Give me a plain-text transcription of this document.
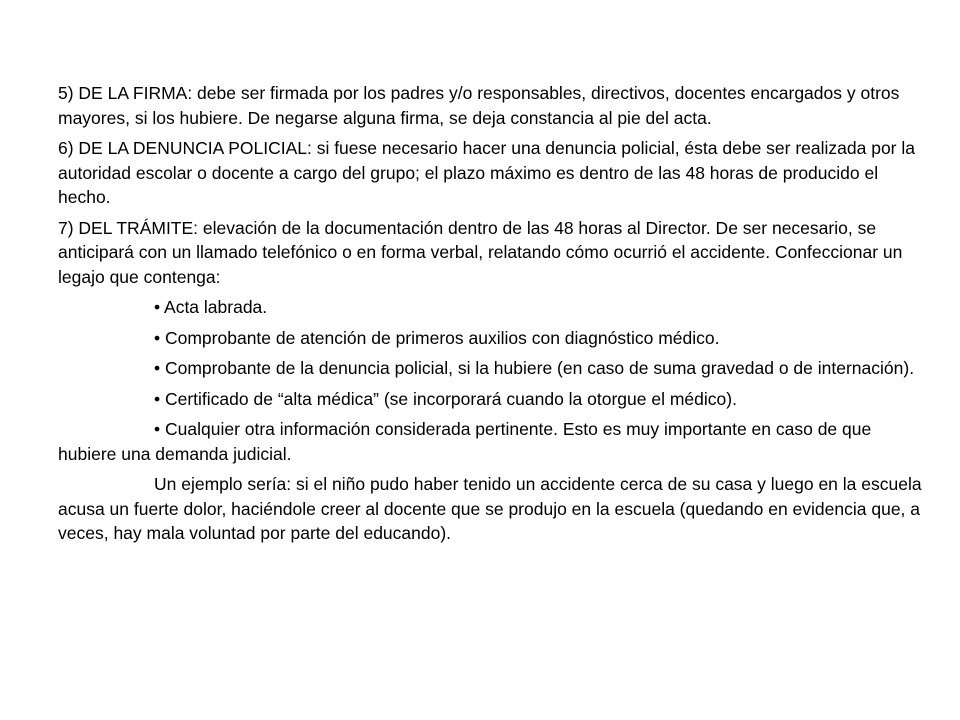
5) DE LA FIRMA: debe ser firmada por los padres y/o responsables, directivos, docentes encargados y otros mayores, si los hubiere. De negarse alguna firma, se deja constancia al pie del acta.

6) DE LA DENUNCIA POLICIAL: si fuese necesario hacer una denuncia policial, ésta debe ser realizada por la autoridad escolar o docente a cargo del grupo; el plazo máximo es dentro de las 48 horas de producido el hecho.

7) DEL TRÁMITE: elevación de la documentación dentro de las 48 horas al Director. De ser necesario, se anticipará con un llamado telefónico o en forma verbal, relatando cómo ocurrió el accidente. Confeccionar un legajo que contenga:

• Acta labrada.

• Comprobante de atención de primeros auxilios con diagnóstico médico.

• Comprobante de la denuncia policial, si la hubiere (en caso de suma gravedad o de internación).

• Certificado de “alta médica” (se incorporará cuando la otorgue el médico).

• Cualquier otra información considerada pertinente. Esto es muy importante en caso de que hubiere una demanda judicial.

Un ejemplo sería: si el niño pudo haber tenido un accidente cerca de su casa y luego en la escuela acusa un fuerte dolor, haciéndole creer al docente que se produjo en la escuela (quedando en evidencia que, a veces, hay mala voluntad por parte del educando).
